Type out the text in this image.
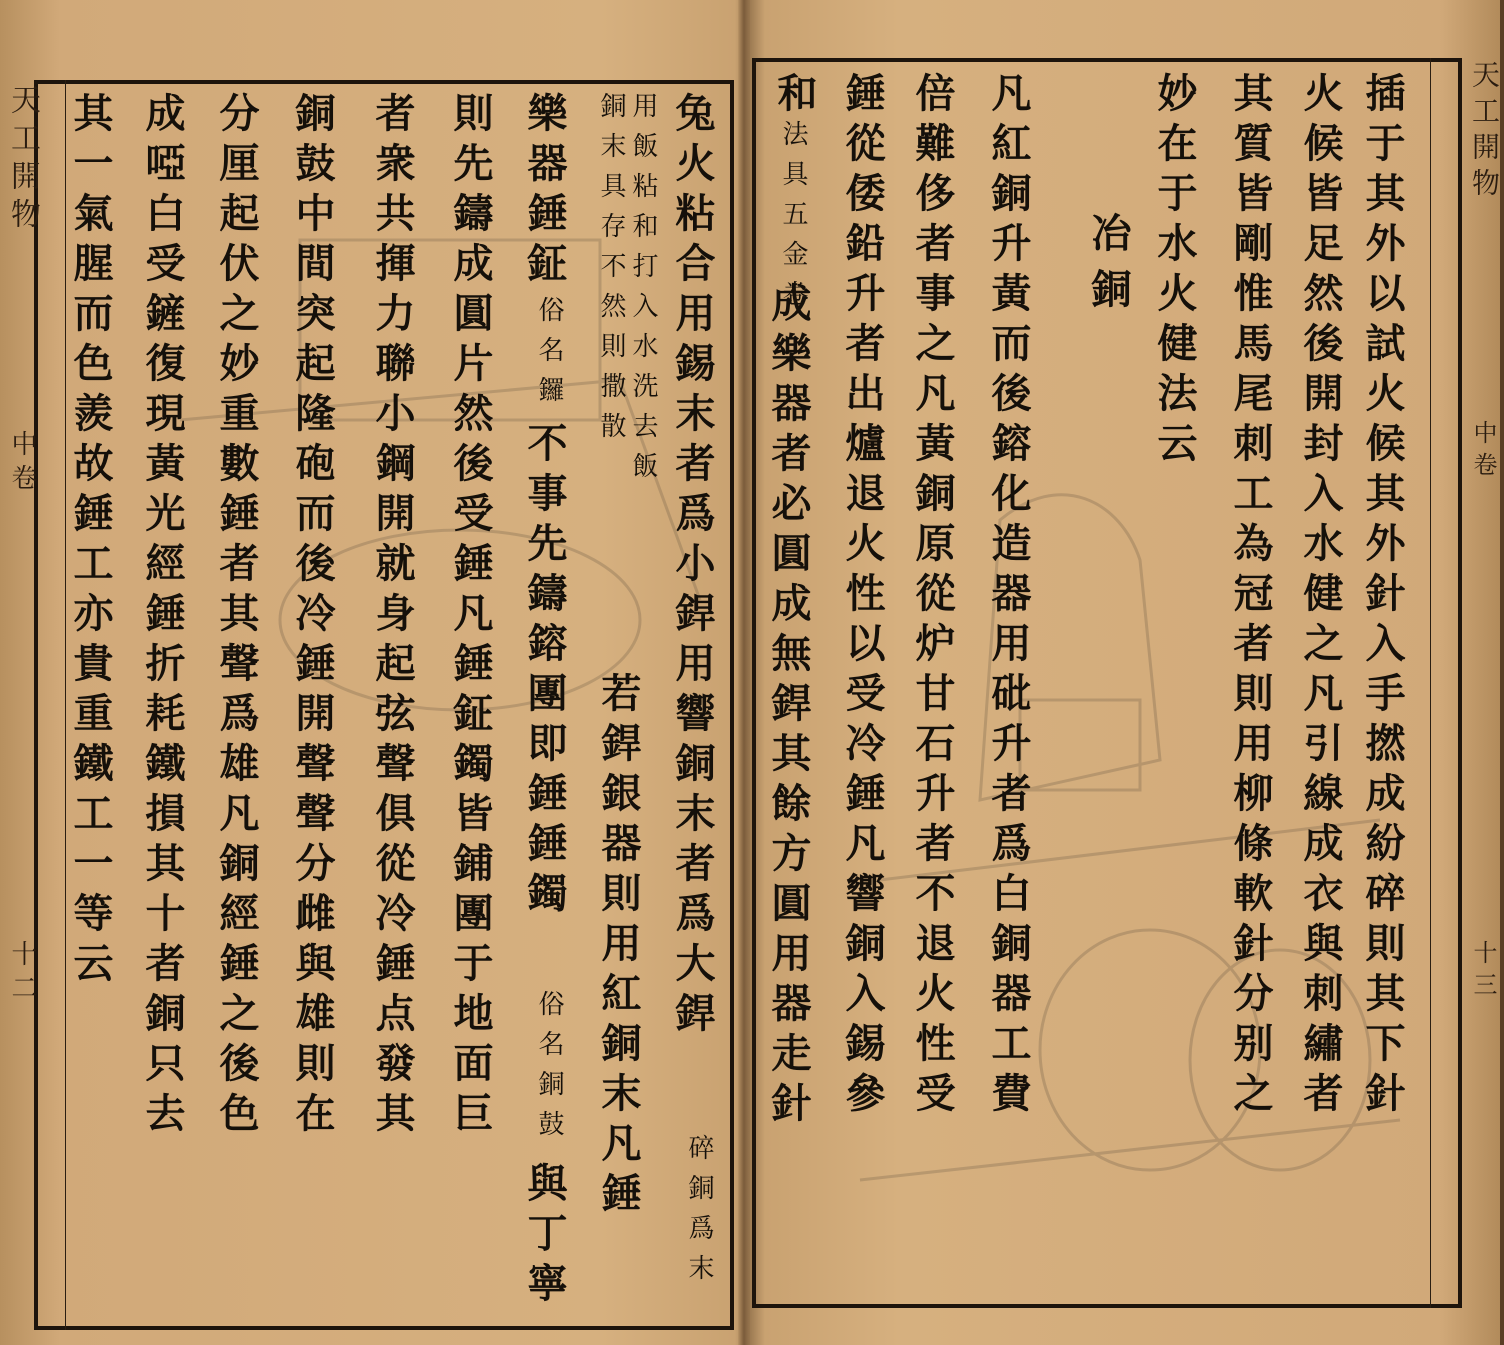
天工開物
中卷
十二	兔火粘合用錫末者爲小銲用響銅末者爲大銲
碎銅爲末
用飯粘和打入水洗去飯
銅末具存不然則撒散
若銲銀器則用紅銅末凡錘
樂器錘鉦
俗名鑼
不事先鑄鎔團即錘錘鐲
俗名銅鼓
與丁寧
則先鑄成圓片然後受錘凡錘鉦鐲皆鋪團于地面巨
者衆共揮力聯小鋼開就身起弦聲俱從冷錘点發其
銅鼓中間突起隆砲而後冷錘開聲聲分雌與雄則在
分厘起伏之妙重數錘者其聲爲雄凡銅經錘之後色
成啞白受鏟復現黃光經錘折耗鐵損其十者銅只去
其一氣腥而色羨故錘工亦貴重鐵工一等云	天工開物
中卷
十三
插于其外以試火候其外針入手撚成紛碎則其下針
火候皆足然後開封入水健之凡引線成衣與刺繡者
其質皆剛惟馬尾刺工為冠者則用柳條軟針分别之
妙在于水火健法云
冶銅
凡紅銅升黃而後鎔化造器用砒升者爲白銅器工費
倍難侈者事之凡黃銅原從炉甘石升者不退火性受
錘從倭鉛升者出爐退火性以受冷錘凡響銅入錫參
和
法具五金卷
成樂器者必圓成無銲其餘方圓用器走針
